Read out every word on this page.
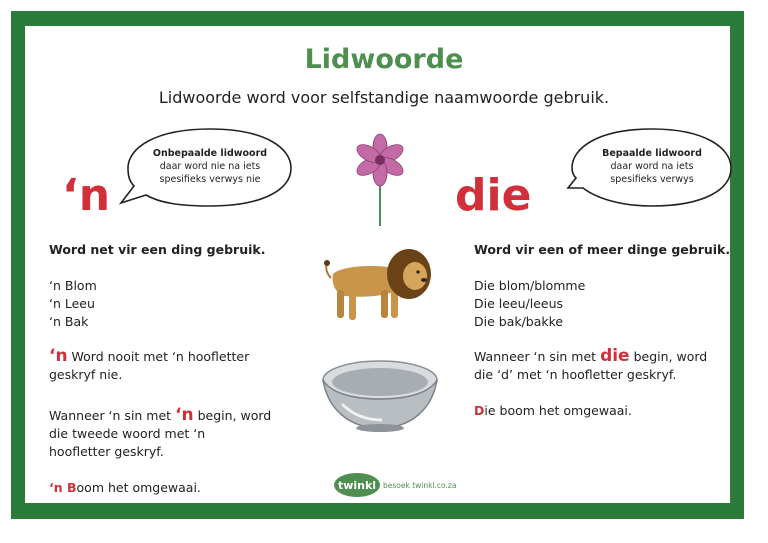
Lidwoorde
Lidwoorde word voor selfstandige naamwoorde gebruik.
Onbepaalde lidwoord
daar word nie na iets
spesifieks verwys nie
Bepaalde lidwoord
daar word na iets
spesifieks verwys
‘n	die
Word net vir een ding gebruik.
‘n Blom
‘n Leeu
‘n Bak
‘n Word nooit met ‘n hoofletter
geskryf nie.
Wanneer ‘n sin met ‘n begin, word
die tweede woord met ‘n
hoofletter geskryf.
‘n Boom het omgewaai.
Word vir een of meer dinge gebruik.
Die blom/blomme
Die leeu/leeus
Die bak/bakke
Wanneer ‘n sin met die begin, word
die ‘d’ met ‘n hoofletter geskryf.
Die boom het omgewaai.
twinkl besoek twinkl.co.za
